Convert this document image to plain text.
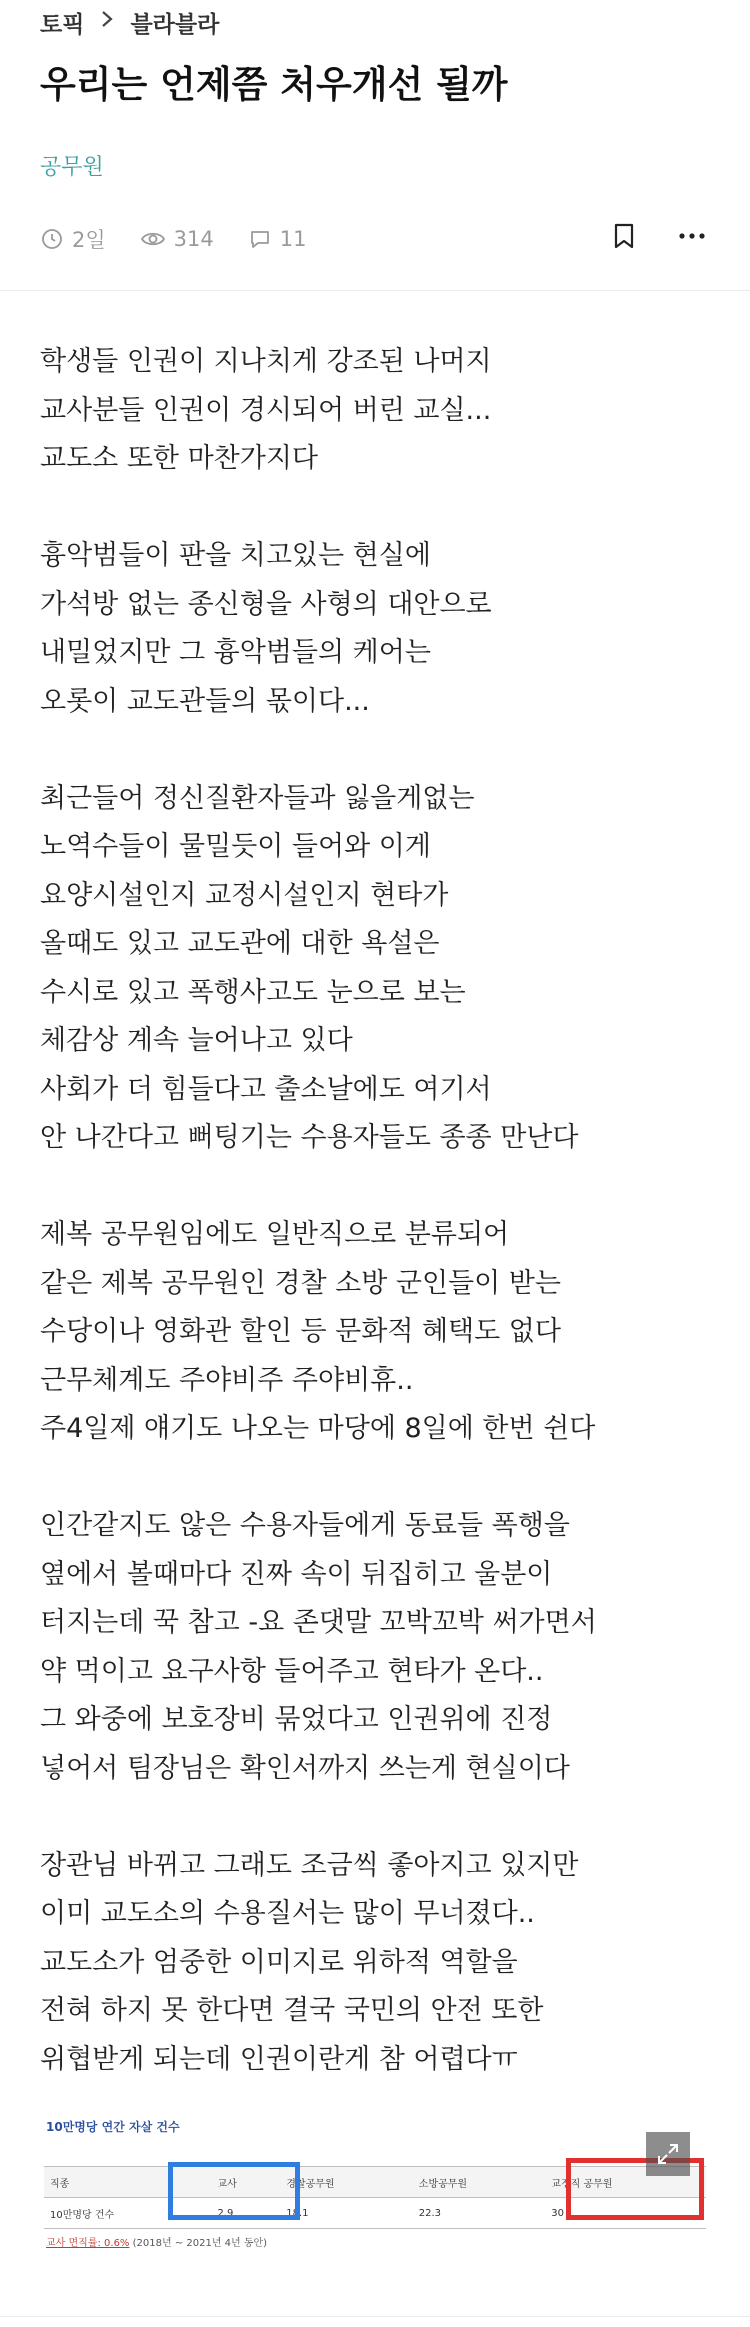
토픽 블라블라
우리는 언제쯤 처우개선 될까
공무원
2일	314	11
학생들 인권이 지나치게 강조된 나머지
교사분들 인권이 경시되어 버린 교실...
교도소 또한 마찬가지다
흉악범들이 판을 치고있는 현실에
가석방 없는 종신형을 사형의 대안으로
내밀었지만 그 흉악범들의 케어는
오롯이 교도관들의 몫이다...
최근들어 정신질환자들과 잃을게없는
노역수들이 물밀듯이 들어와 이게
요양시설인지 교정시설인지 현타가
올때도 있고 교도관에 대한 욕설은
수시로 있고 폭행사고도 눈으로 보는
체감상 계속 늘어나고 있다
사회가 더 힘들다고 출소날에도 여기서
안 나간다고 뻐팅기는 수용자들도 종종 만난다
제복 공무원임에도 일반직으로 분류되어
같은 제복 공무원인 경찰 소방 군인들이 받는
수당이나 영화관 할인 등 문화적 혜택도 없다
근무체계도 주야비주 주야비휴..
주4일제 얘기도 나오는 마당에 8일에 한번 쉰다
인간같지도 않은 수용자들에게 동료들 폭행을
옆에서 볼때마다 진짜 속이 뒤집히고 울분이
터지는데 꾹 참고 -요 존댓말 꼬박꼬박 써가면서
약 먹이고 요구사항 들어주고 현타가 온다..
그 와중에 보호장비 묶었다고 인권위에 진정
넣어서 팀장님은 확인서까지 쓰는게 현실이다
장관님 바뀌고 그래도 조금씩 좋아지고 있지만
이미 교도소의 수용질서는 많이 무너졌다..
교도소가 엄중한 이미지로 위하적 역할을
전혀 하지 못 한다면 결국 국민의 안전 또한
위협받게 되는데 인권이란게 참 어렵다ㅠ
10만명당 연간 자살 건수
직종	교사	경찰공무원	소방공무원	교정직 공무원
10만명당 건수	2.9	18.1	22.3	30
교사 면직률: 0.6% (2018년 ~ 2021년 4년 동안)
